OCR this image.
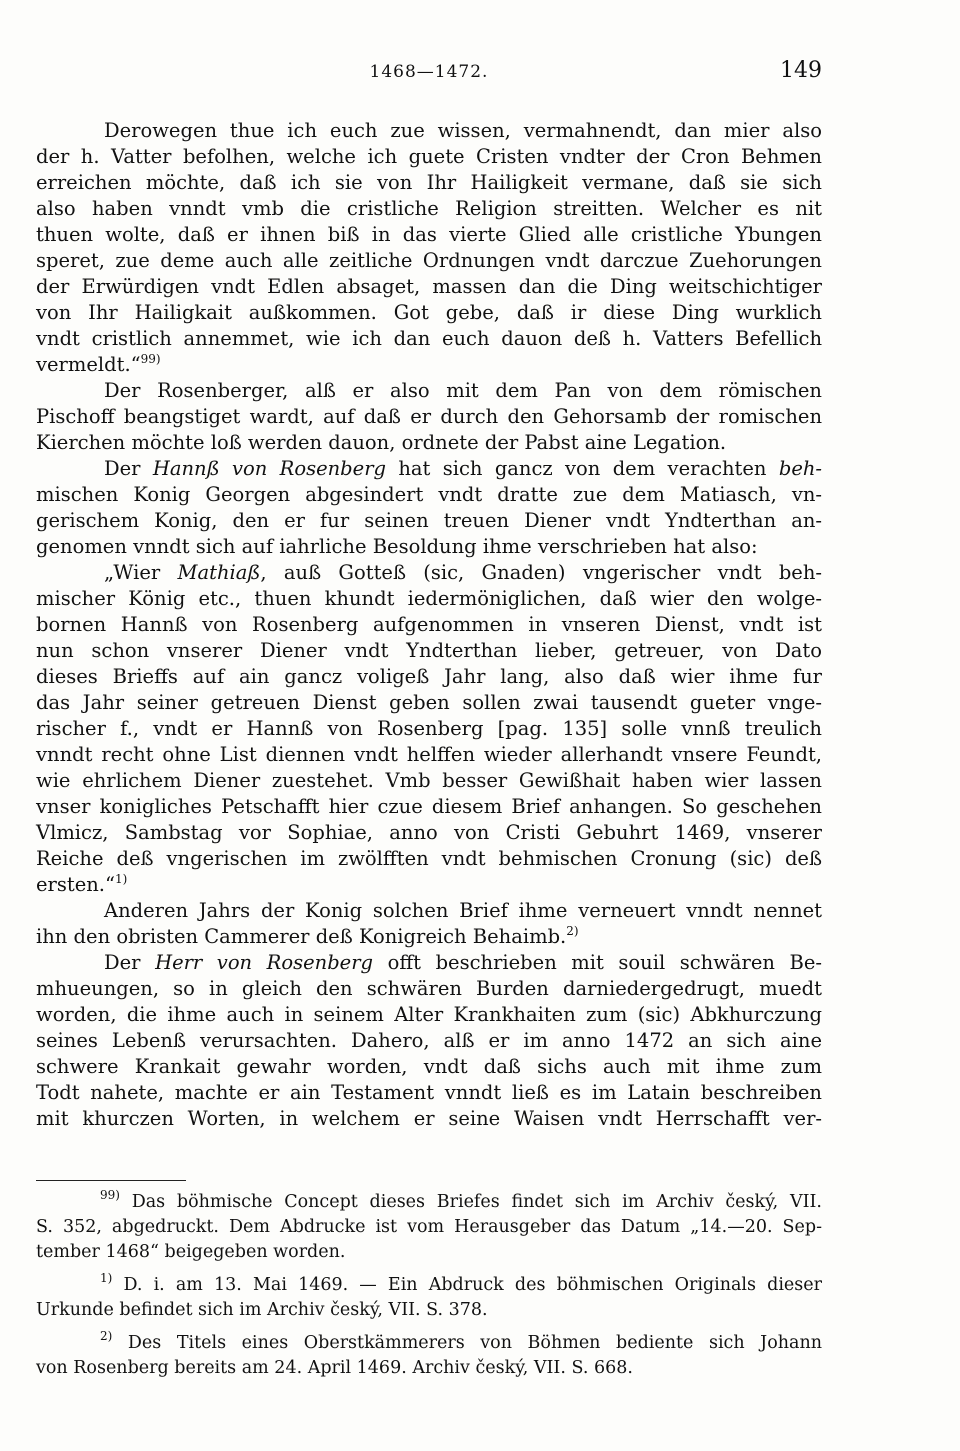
1468—1472.	149
Derowegen thue ich euch zue wissen, vermahnendt, dan mier also
der h. Vatter befolhen, welche ich guete Cristen vndter der Cron Behmen
erreichen möchte, daß ich sie von Ihr Hailigkeit vermane, daß sie sich
also haben vnndt vmb die cristliche Religion streitten. Welcher es nit
thuen wolte, daß er ihnen biß in das vierte Glied alle cristliche Ybungen
speret, zue deme auch alle zeitliche Ordnungen vndt darczue Zuehorungen
der Erwürdigen vndt Edlen absaget, massen dan die Ding weitschichtiger
von Ihr Hailigkait außkommen. Got gebe, daß ir diese Ding wurklich
vndt cristlich annemmet, wie ich dan euch dauon deß h. Vatters Befellich
vermeldt.“$^{99)}$
Der Rosenberger, alß er also mit dem Pan von dem römischen
Pischoff beangstiget wardt, auf daß er durch den Gehorsamb der romischen
Kierchen möchte loß werden dauon, ordnete der Pabst aine Legation.
Der Hannß von Rosenberg hat sich gancz von dem verachten beh-
mischen Konig Georgen abgesindert vndt dratte zue dem Matiasch, vn-
gerischem Konig, den er fur seinen treuen Diener vndt Yndterthan an-
genomen vnndt sich auf iahrliche Besoldung ihme verschrieben hat also:
„Wier Mathiaß, auß Gotteß (sic, Gnaden) vngerischer vndt beh-
mischer König etc., thuen khundt iedermöniglichen, daß wier den wolge-
bornen Hannß von Rosenberg aufgenommen in vnseren Dienst, vndt ist
nun schon vnserer Diener vndt Yndterthan lieber, getreuer, von Dato
dieses Brieffs auf ain gancz voligeß Jahr lang, also daß wier ihme fur
das Jahr seiner getreuen Dienst geben sollen zwai tausendt gueter vnge-
rischer f., vndt er Hannß von Rosenberg [pag. 135] solle vnnß treulich
vnndt recht ohne List diennen vndt helffen wieder allerhandt vnsere Feundt,
wie ehrlichem Diener zuestehet. Vmb besser Gewißhait haben wier lassen
vnser konigliches Petschafft hier czue diesem Brief anhangen. So geschehen
Vlmicz, Sambstag vor Sophiae, anno von Cristi Gebuhrt 1469, vnserer
Reiche deß vngerischen im zwölfften vndt behmischen Cronung (sic) deß
ersten.“$^{1)}$
Anderen Jahrs der Konig solchen Brief ihme verneuert vnndt nennet
ihn den obristen Cammerer deß Konigreich Behaimb.$^{2)}$
Der Herr von Rosenberg offt beschrieben mit souil schwären Be-
mhueungen, so in gleich den schwären Burden darniedergedrugt, muedt
worden, die ihme auch in seinem Alter Krankhaiten zum (sic) Abkhurczung
seines Lebenß verursachten. Dahero, alß er im anno 1472 an sich aine
schwere Krankait gewahr worden, vndt daß sichs auch mit ihme zum
Todt nahete, machte er ain Testament vnndt ließ es im Latain beschreiben
mit khurczen Worten, in welchem er seine Waisen vndt Herrschafft ver-
$^{99)}$ Das böhmische Concept dieses Briefes findet sich im Archiv český, VII.
S. 352, abgedruckt. Dem Abdrucke ist vom Herausgeber das Datum „14.—20. Sep-
tember 1468“ beigegeben worden.
$^{1)}$ D. i. am 13. Mai 1469. — Ein Abdruck des böhmischen Originals dieser
Urkunde befindet sich im Archiv český, VII. S. 378.
$^{2)}$ Des Titels eines Oberstkämmerers von Böhmen bediente sich Johann
von Rosenberg bereits am 24. April 1469. Archiv český, VII. S. 668.
